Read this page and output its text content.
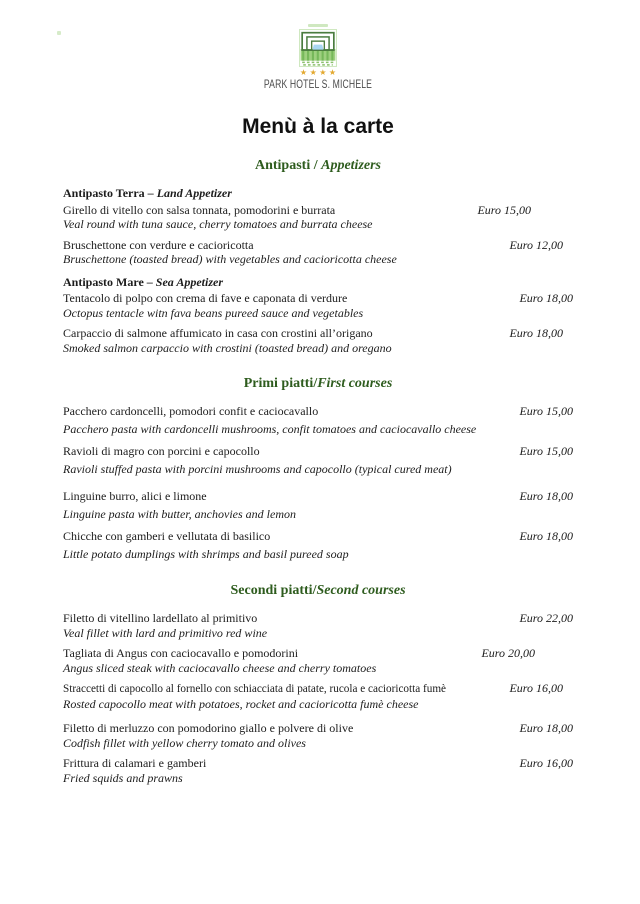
★★★★
PARK HOTEL S. MICHELE
Menù à la carte
Antipasti / Appetizers
Antipasto Terra – Land Appetizer
Girello di vitello con salsa tonnata, pomodorini e burrata	Euro 15,00
Veal round with tuna sauce, cherry tomatoes and burrata cheese
Bruschettone con verdure e cacioricotta	Euro 12,00
Bruschettone (toasted bread) with vegetables and cacioricotta cheese
Antipasto Mare – Sea Appetizer
Tentacolo di polpo con crema di fave e caponata di verdure	Euro 18,00
Octopus tentacle witn fava beans pureed sauce and vegetables
Carpaccio di salmone affumicato in casa con crostini all’origano	Euro 18,00
Smoked salmon carpaccio with crostini (toasted bread) and oregano
Primi piatti/First courses
Pacchero cardoncelli, pomodori confit e caciocavallo	Euro 15,00
Pacchero pasta with cardoncelli mushrooms, confit tomatoes and caciocavallo cheese
Ravioli di magro con porcini e capocollo	Euro 15,00
Ravioli stuffed pasta with porcini mushrooms and capocollo (typical cured meat)
Linguine burro, alici e limone	Euro 18,00
Linguine pasta with butter, anchovies and lemon
Chicche con gamberi e vellutata di basilico	Euro 18,00
Little potato dumplings with shrimps and basil pureed soap
Secondi piatti/Second courses
Filetto di vitellino lardellato al primitivo	Euro 22,00
Veal fillet with lard and primitivo red wine
Tagliata di Angus con caciocavallo e pomodorini	Euro 20,00
Angus sliced steak with caciocavallo cheese and cherry tomatoes
Straccetti di capocollo al fornello con schiacciata di patate, rucola e cacioricotta fumè	Euro 16,00
Rosted capocollo meat with potatoes, rocket and cacioricotta fumè cheese
Filetto di merluzzo con pomodorino giallo e polvere di olive	Euro 18,00
Codfish fillet with yellow cherry tomato and olives
Frittura di calamari e gamberi	Euro 16,00
Fried squids and prawns
